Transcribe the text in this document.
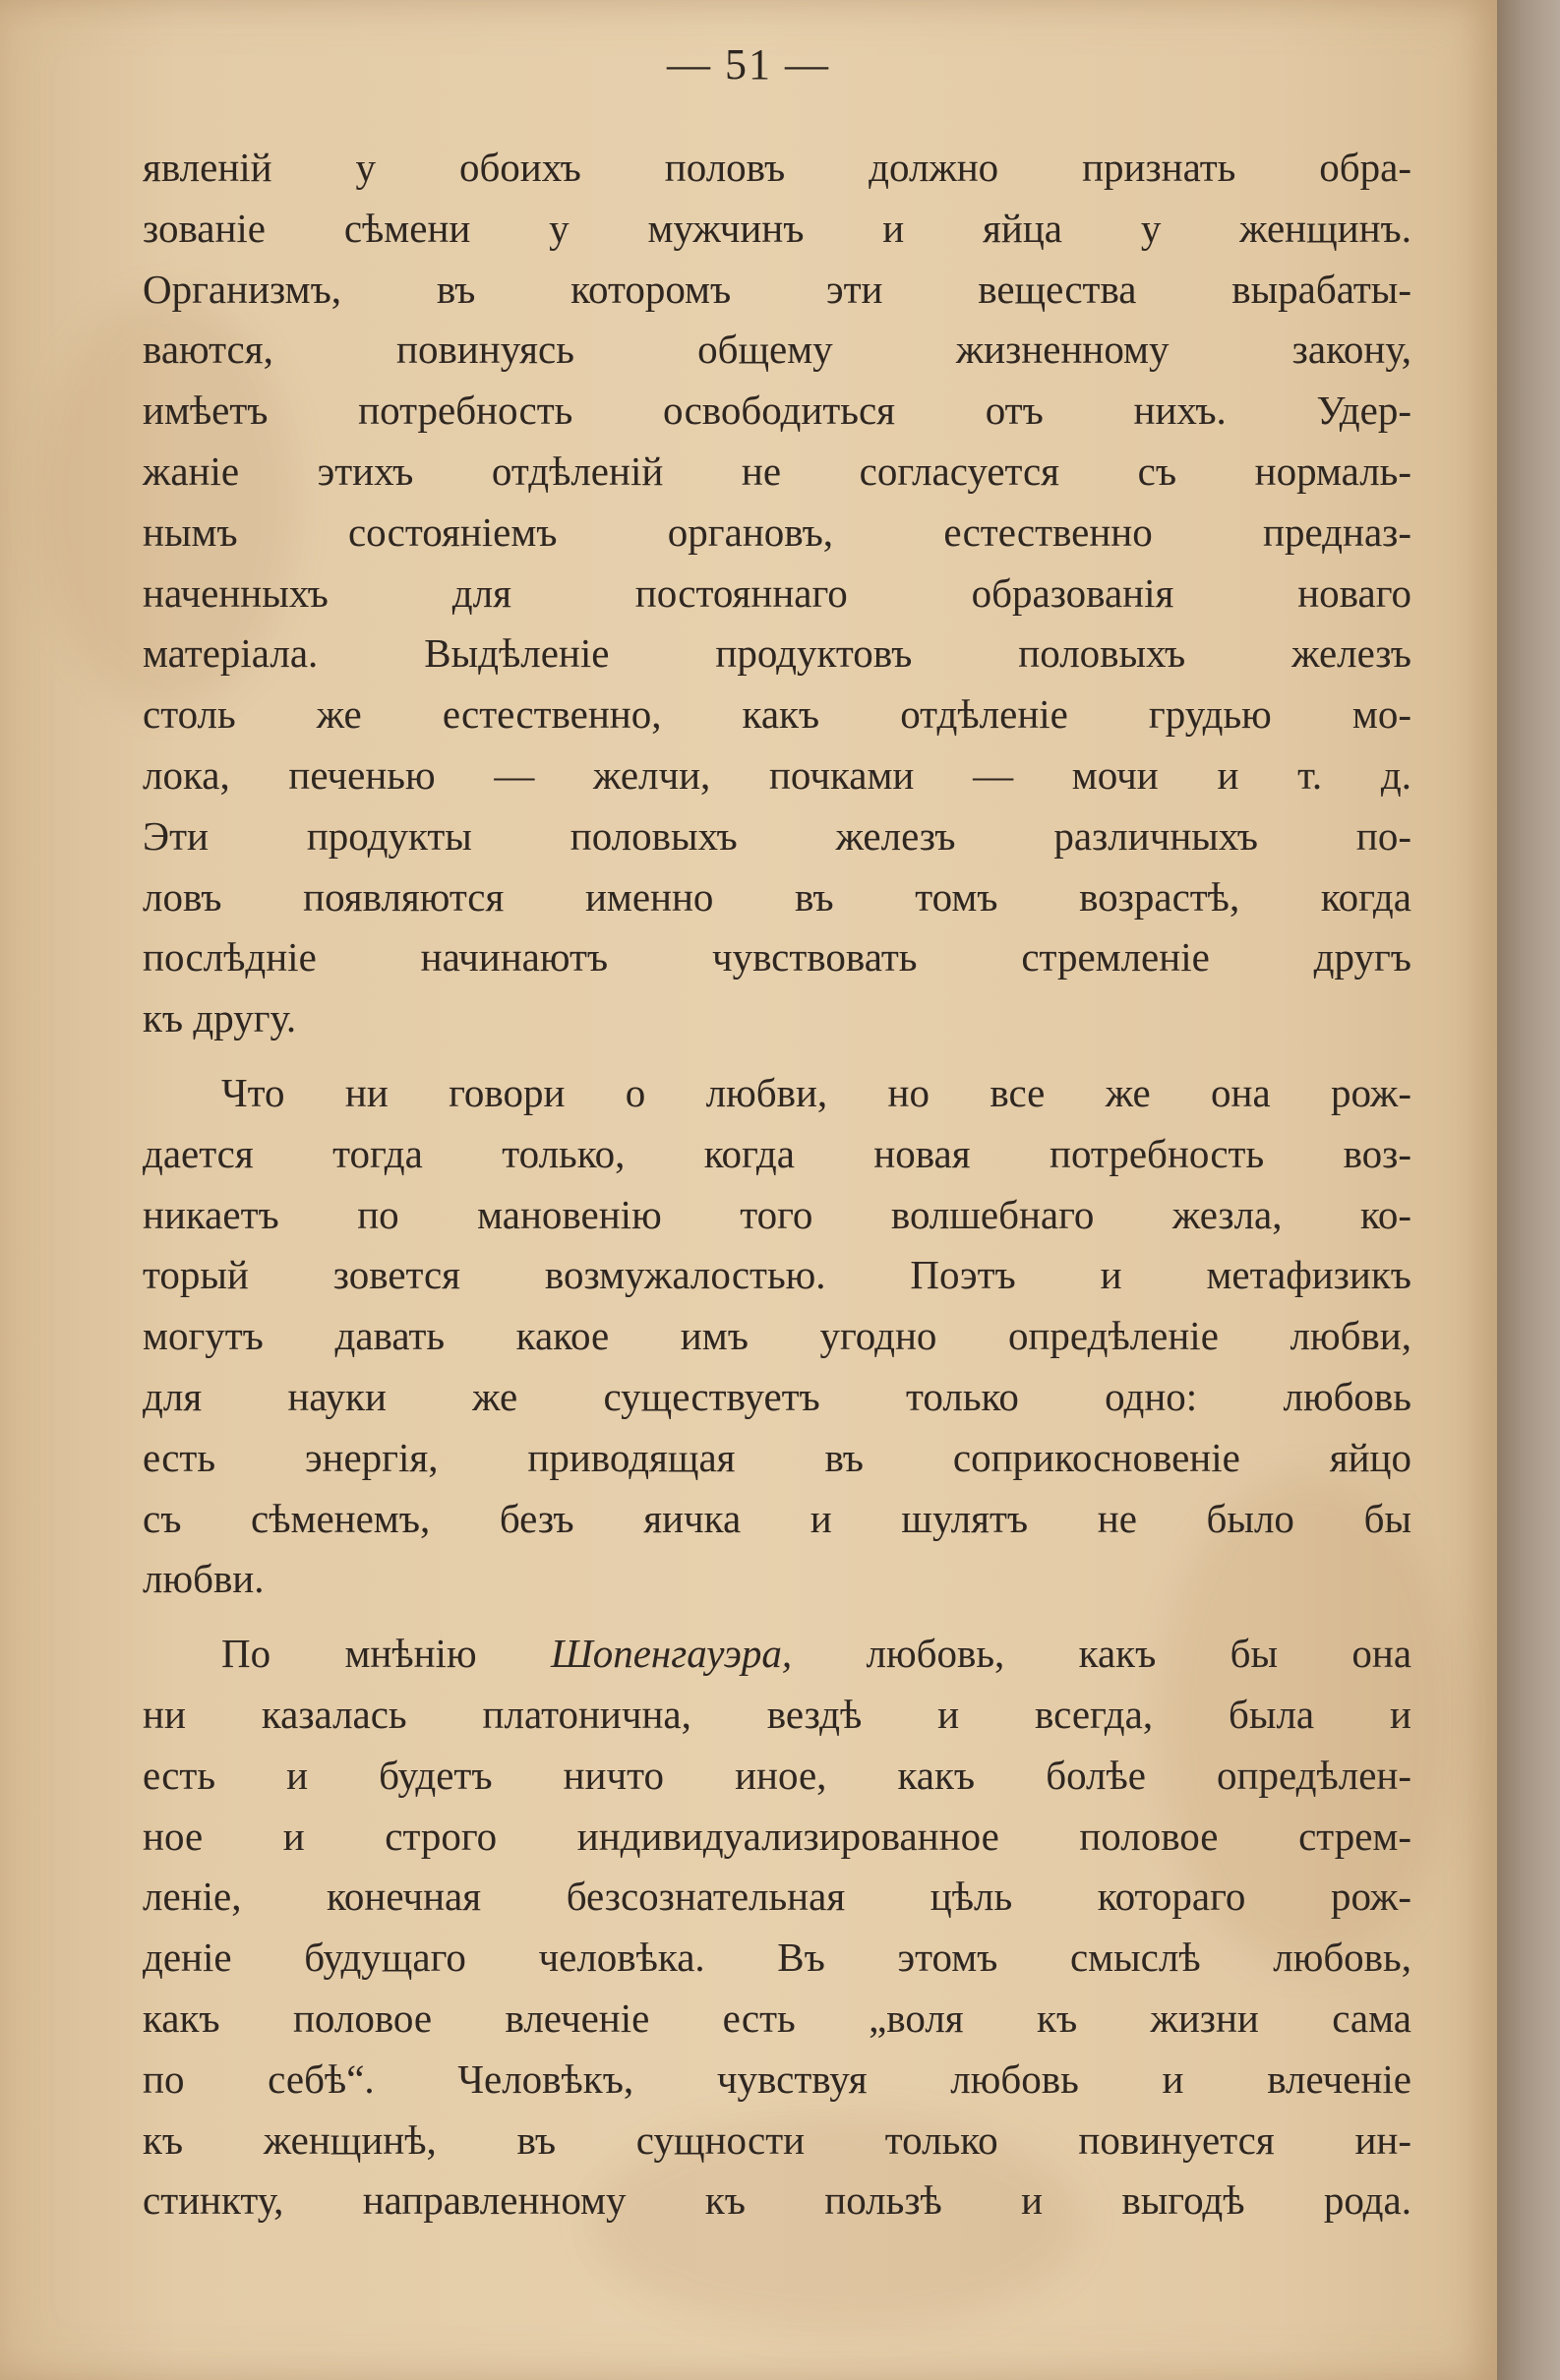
— 51 —

явленій у обоихъ половъ должно признать обра-
зованіе сѣмени у мужчинъ и яйца у женщинъ.
Организмъ, въ которомъ эти вещества вырабаты-
ваются, повинуясь общему жизненному закону,
имѣетъ потребность освободиться отъ нихъ. Удер-
жаніе этихъ отдѣленій не согласуется съ нормаль-
нымъ состояніемъ органовъ, естественно предназ-
наченныхъ для постояннаго образованія новаго
матеріала. Выдѣленіе продуктовъ половыхъ железъ
столь же естественно, какъ отдѣленіе грудью мо-
лока, печенью — желчи, почками — мочи и т. д.
Эти продукты половыхъ железъ различныхъ по-
ловъ появляются именно въ томъ возрастѣ, когда
послѣдніе начинаютъ чувствовать стремленіе другъ
къ другу.

Что ни говори о любви, но все же она рож-
дается тогда только, когда новая потребность воз-
никаетъ по мановенію того волшебнаго жезла, ко-
торый зовется возмужалостью. Поэтъ и метафизикъ
могутъ давать какое имъ угодно опредѣленіе любви,
для науки же существуетъ только одно: любовь
есть энергія, приводящая въ соприкосновеніе яйцо
съ сѣменемъ, безъ яичка и шулятъ не было бы
любви.

По мнѣнію Шопенгауэра, любовь, какъ бы она
ни казалась платонична, вездѣ и всегда, была и
есть и будетъ ничто иное, какъ болѣе опредѣлен-
ное и строго индивидуализированное половое стрем-
леніе, конечная безсознательная цѣль котораго рож-
деніе будущаго человѣка. Въ этомъ смыслѣ любовь,
какъ половое влеченіе есть „воля къ жизни сама
по себѣ“. Человѣкъ, чувствуя любовь и влеченіе
къ женщинѣ, въ сущности только повинуется ин-
стинкту, направленному къ пользѣ и выгодѣ рода.
